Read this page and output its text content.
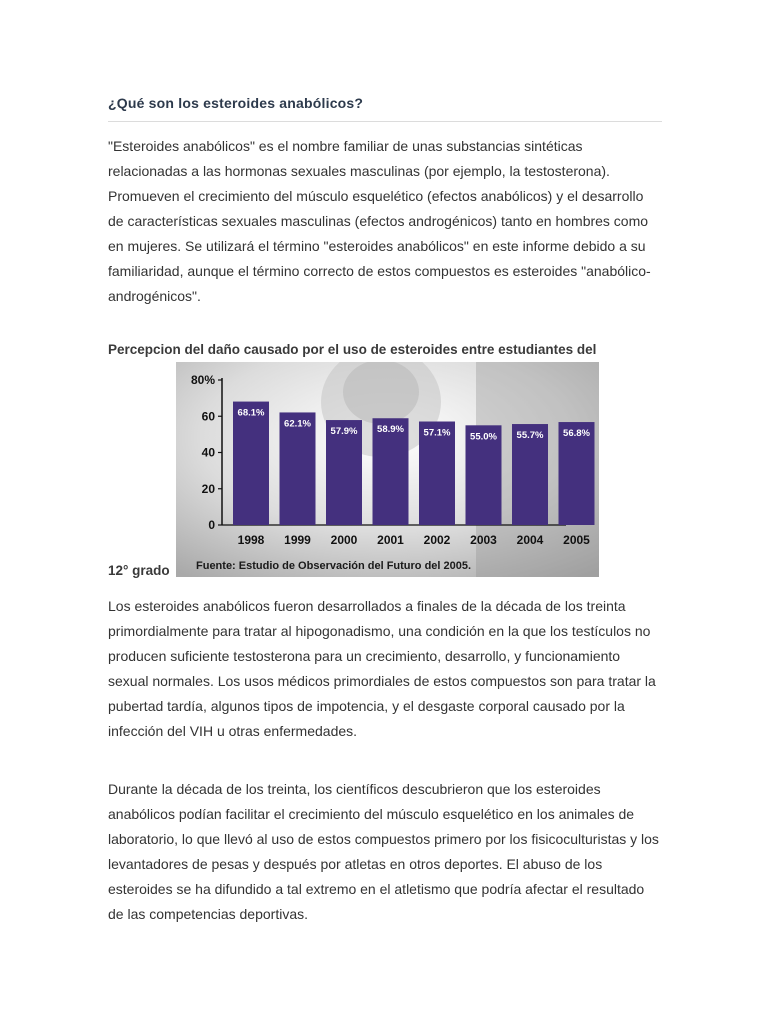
¿Qué son los esteroides anabólicos?

"Esteroides anabólicos" es el nombre familiar de unas substancias sintéticas relacionadas a las hormonas sexuales masculinas (por ejemplo, la testosterona). Promueven el crecimiento del músculo esquelético (efectos anabólicos) y el desarrollo de características sexuales masculinas (efectos androgénicos) tanto en hombres como en mujeres. Se utilizará el término "esteroides anabólicos" en este informe debido a su familiaridad, aunque el término correcto de estos compuestos es esteroides "anabólico-androgénicos".

Percepcion del daño causado por el uso de esteroides entre estudiantes del

12° grado

Los esteroides anabólicos fueron desarrollados a finales de la década de los treinta primordialmente para tratar al hipogonadismo, una condición en la que los testículos no producen suficiente testosterona para un crecimiento, desarrollo, y funcionamiento sexual normales. Los usos médicos primordiales de estos compuestos son para tratar la pubertad tardía, algunos tipos de impotencia, y el desgaste corporal causado por la infección del VIH u otras enfermedades.

Durante la década de los treinta, los científicos descubrieron que los esteroides anabólicos podían facilitar el crecimiento del músculo esquelético en los animales de laboratorio, lo que llevó al uso de estos compuestos primero por los fisicoculturistas y los levantadores de pesas y después por atletas en otros deportes. El abuso de los esteroides se ha difundido a tal extremo en el atletismo que podría afectar el resultado de las competencias deportivas.

0
20
40
60
80%
68.1%
62.1%
57.9% 58.9% 57.1% 55.0% 55.7% 56.8%
1998 1999 2000 2001 2002 2003 2004 2005
Fuente: Estudio de Observación del Futuro del 2005.
